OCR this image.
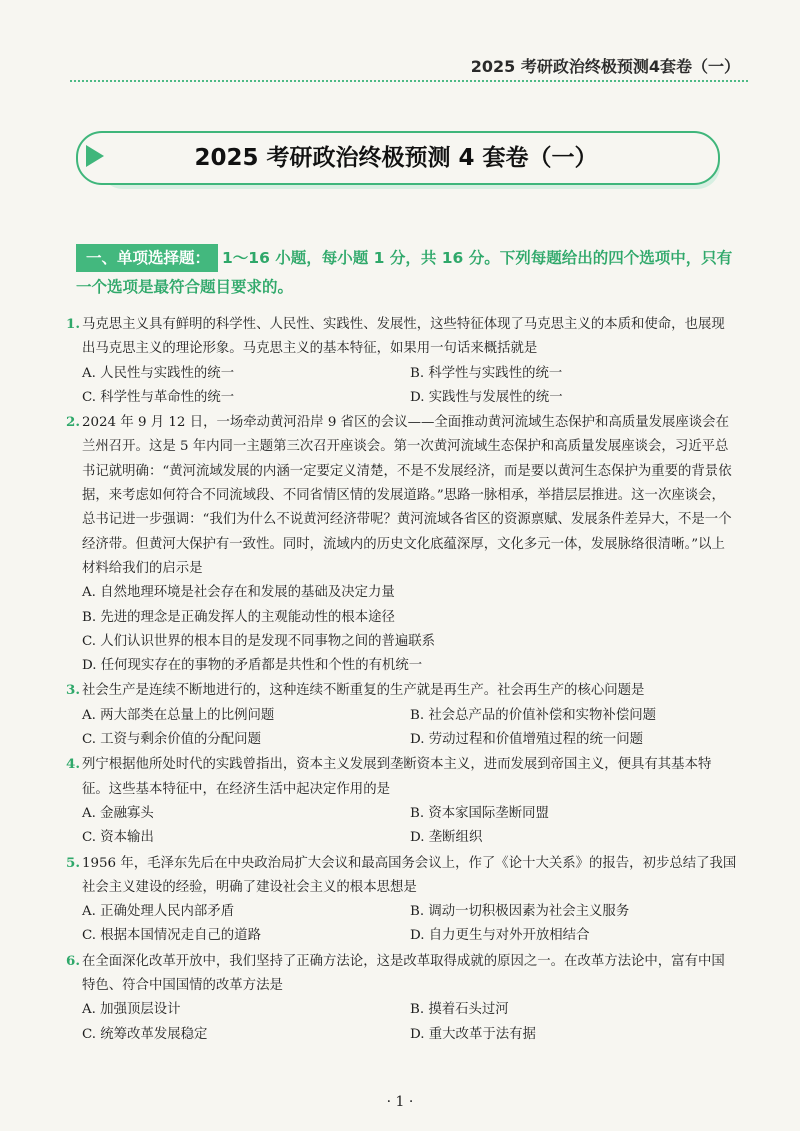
2025 考研政治终极预测4套卷（一）
2025 考研政治终极预测 4 套卷（一）
一、单项选择题： 1～16 小题，每小题 1 分，共 16 分。下列每题给出的四个选项中，只有一个选项是最符合题目要求的。

1. 马克思主义具有鲜明的科学性、人民性、实践性、发展性，这些特征体现了马克思主义的本质和使命，也展现出马克思主义的理论形象。马克思主义的基本特征，如果用一句话来概括就是

A. 人民性与实践性的统一	B. 科学性与实践性的统一
C. 科学性与革命性的统一	D. 实践性与发展性的统一

2. 2024 年 9 月 12 日，一场牵动黄河沿岸 9 省区的会议——全面推动黄河流域生态保护和高质量发展座谈会在兰州召开。这是 5 年内同一主题第三次召开座谈会。第一次黄河流域生态保护和高质量发展座谈会，习近平总书记就明确：“黄河流域发展的内涵一定要定义清楚，不是不发展经济，而是要以黄河生态保护为重要的背景依据，来考虑如何符合不同流域段、不同省情区情的发展道路。”思路一脉相承，举措层层推进。这一次座谈会，总书记进一步强调：“我们为什么不说黄河经济带呢？黄河流域各省区的资源禀赋、发展条件差异大，不是一个经济带。但黄河大保护有一致性。同时，流域内的历史文化底蕴深厚，文化多元一体，发展脉络很清晰。”以上材料给我们的启示是

A. 自然地理环境是社会存在和发展的基础及决定力量
B. 先进的理念是正确发挥人的主观能动性的根本途径
C. 人们认识世界的根本目的是发现不同事物之间的普遍联系
D. 任何现实存在的事物的矛盾都是共性和个性的有机统一

3. 社会生产是连续不断地进行的，这种连续不断重复的生产就是再生产。社会再生产的核心问题是

A. 两大部类在总量上的比例问题	B. 社会总产品的价值补偿和实物补偿问题
C. 工资与剩余价值的分配问题	D. 劳动过程和价值增殖过程的统一问题

4. 列宁根据他所处时代的实践曾指出，资本主义发展到垄断资本主义，进而发展到帝国主义，便具有其基本特征。这些基本特征中，在经济生活中起决定作用的是

A. 金融寡头	B. 资本家国际垄断同盟
C. 资本输出	D. 垄断组织

5. 1956 年，毛泽东先后在中央政治局扩大会议和最高国务会议上，作了《论十大关系》的报告，初步总结了我国社会主义建设的经验，明确了建设社会主义的根本思想是

A. 正确处理人民内部矛盾	B. 调动一切积极因素为社会主义服务
C. 根据本国情况走自己的道路	D. 自力更生与对外开放相结合

6. 在全面深化改革开放中，我们坚持了正确方法论，这是改革取得成就的原因之一。在改革方法论中，富有中国特色、符合中国国情的改革方法是

A. 加强顶层设计	B. 摸着石头过河
C. 统筹改革发展稳定	D. 重大改革于法有据
· 1 ·
